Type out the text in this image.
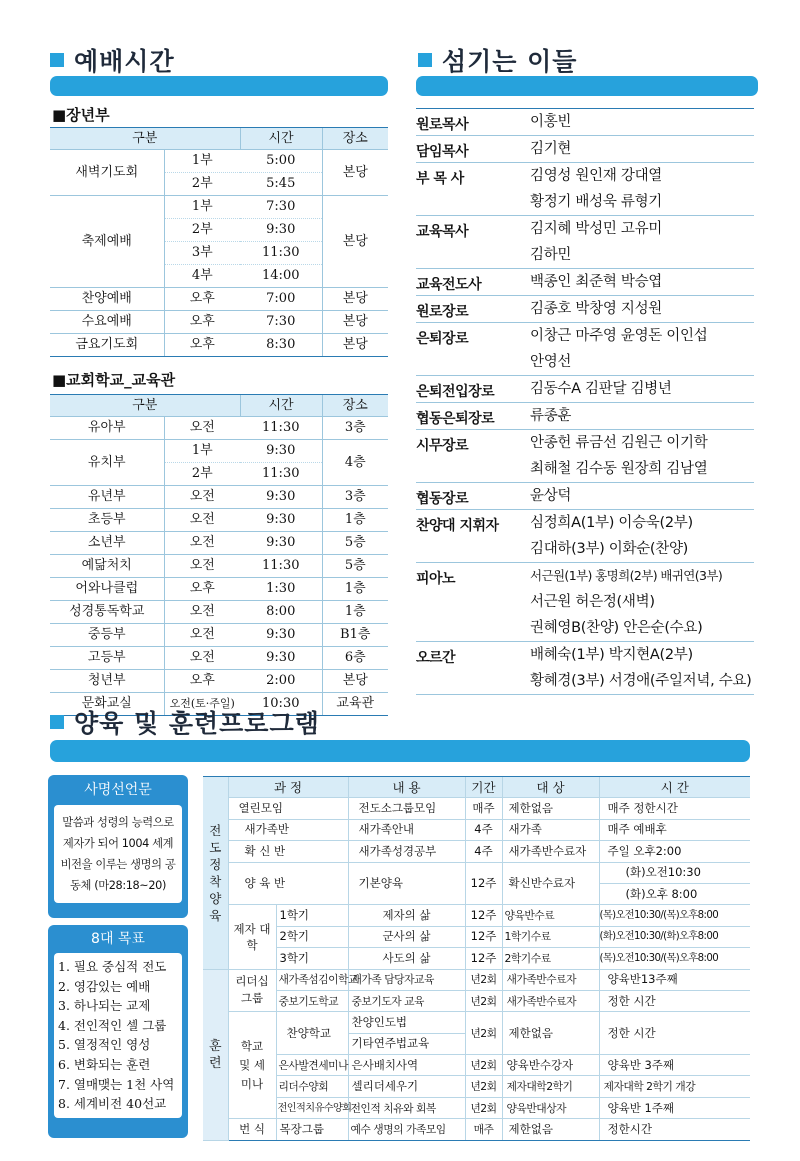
예배시간
■장년부
구분		시간	장소
새벽기도회	1부	5:00	본당
	2부	5:45	
축제예배	1부	7:30	본당
	2부	9:30	
	3부	11:30	
	4부	14:00	
찬양예배	오후	7:00	본당
수요예배	오후	7:30	본당
금요기도회	오후	8:30	본당
■교회학교_교육관
구분		시간	장소
유아부	오전	11:30	3층
유치부	1부	9:30	4층
	2부	11:30	
유년부	오전	9:30	3층
초등부	오전	9:30	1층
소년부	오전	9:30	5층
예닮처치	오전	11:30	5층
어와나클럽	오후	1:30	1층
성경통독학교	오전	8:00	1층
중등부	오전	9:30	B1층
고등부	오전	9:30	6층
청년부	오후	2:00	본당
문화교실	오전(토·주일)	10:30	교육관
섬기는 이들
원로목사	이홍빈
담임목사	김기현
부 목 사	김영성 원인재 강대열
황정기 배성욱 류형기
교육목사	김지혜 박성민 고유미
김하민
교육전도사	백종인 최준혁 박승엽
원로장로	김종호 박창영 지성원
은퇴장로	이창근 마주영 윤영돈 이인섭
안영선
은퇴전입장로	김동수A 김판달 김병년
협동은퇴장로	류종훈
시무장로	안종헌 류금선 김원근 이기학
최해철 김수동 원장희 김남열
협동장로	윤상덕
찬양대 지휘자	심정희A(1부) 이승욱(2부)
김대하(3부) 이화순(찬양)
피아노	서근원(1부) 홍명희(2부) 배귀연(3부)
서근원 허은정(새벽)
권혜영B(찬양) 안은순(수요)
오르간	배혜숙(1부) 박지현A(2부)
황혜경(3부) 서경애(주일저녁, 수요)
양육 및 훈련프로그램
사명선언문
말씀과 성령의 능력으로 제자가 되어 1004 세계 비전을 이루는 생명의 공동체 (마28:18~20)
8대 목표
1. 필요 중심적 전도
2. 영감있는 예배
3. 하나되는 교제
4. 전인적인 셀 그룹
5. 열정적인 영성
6. 변화되는 훈련
7. 열매맺는 1천 사역
8. 세계비전 40선교
전도 정착 양육	과 정		내 용	기간	대 상	시 간
	열린모임		전도소그룹모임	매주	제한없음	매주 정한시간
	새가족반		새가족안내	4주	새가족	매주 예배후
	확 신 반		새가족성경공부	4주	새가족반수료자	주일 오후2:00
	양 육 반		기본양육	12주	확신반수료자	(화)오전10:30
						(화)오후 8:00
	제자 대학	1학기	제자의 삶	12주	양육반수료	(목)오전10:30/(목)오후8:00
		2학기	군사의 삶	12주	1학기수료	(화)오전10:30/(화)오후8:00
		3학기	사도의 삶	12주	2학기수료	(목)오전10:30/(목)오후8:00
훈 련	리더십 그룹	새가족섬김이학교	새가족 담당자교육	년2회	새가족반수료자	양육반13주째
		중보기도학교	중보기도자 교육	년2회	새가족반수료자	정한 시간
	학교 및 세미나	찬양학교	찬양인도법	년2회	제한없음	정한 시간
			기타연주법교육			
		은사발견세미나	은사배치사역	년2회	양육반수강자	양육반 3주째
		리더수양회	셀리더세우기	년2회	제자대학2학기	제자대학 2학기 개강
		전인적치유수양회	전인적 치유와 회복	년2회	양육반대상자	양육반 1주째
	번 식	목장그룹	예수 생명의 가족모임	매주	제한없음	정한시간
